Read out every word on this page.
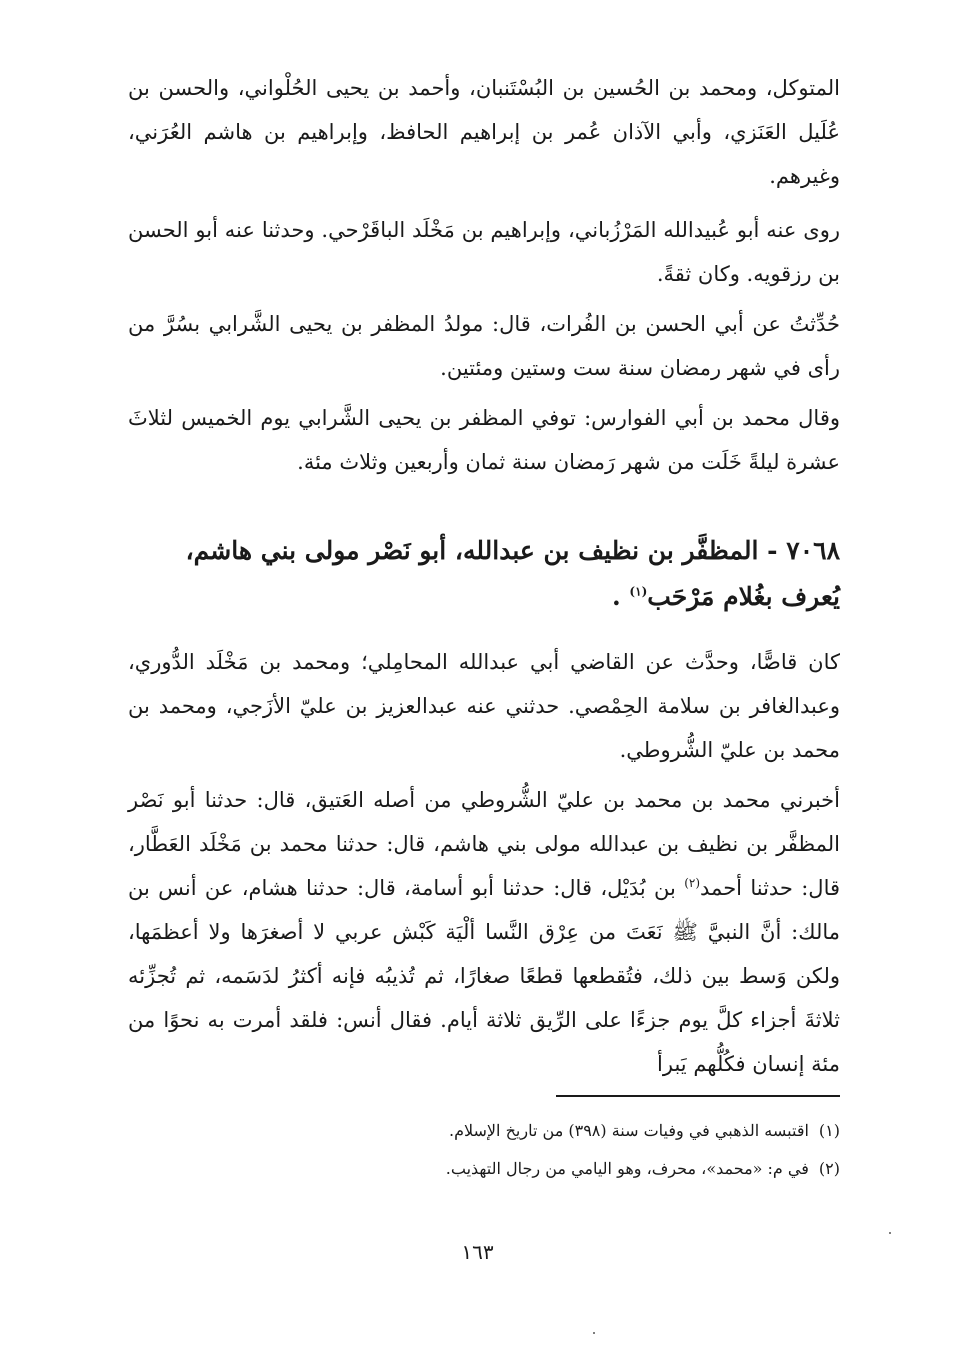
المتوكل، ومحمد بن الحُسين بن البُسْتَنبان، وأحمد بن يحيى الحُلْواني، والحسن بن عُلَيل العَنَزي، وأبي الآذان عُمر بن إبراهيم الحافظ، وإبراهيم بن هاشم العُرَني، وغيرهم.

روى عنه أبو عُبيدالله المَرْزُباني، وإبراهيم بن مَخْلَد الباقَرْحي. وحدثنا عنه أبو الحسن بن رزقويه. وكان ثقةً.

حُدِّثتُ عن أبي الحسن بن الفُرات، قال: مولدُ المظفر بن يحيى الشَّرابي بسُرَّ من رأى في شهر رمضان سنة ست وستين ومئتين.

وقال محمد بن أبي الفوارس: توفي المظفر بن يحيى الشَّرابي يوم الخميس لثلاثَ عشرة ليلةً خَلَت من شهر رَمضان سنة ثمان وأربعين وثلاث مئة.

٧٠٦٨ - المظفَّر بن نظيف بن عبدالله، أبو نَصْر مولى بني هاشم،
يُعرف بغُلام مَرْحَب$^{(١)}$ .

كان قاصًّا، وحدَّث عن القاضي أبي عبدالله المحامِلي؛ ومحمد بن مَخْلَد الدُّوري، وعبدالغافر بن سلامة الحِمْصي. حدثني عنه عبدالعزيز بن عليّ الأزَجي، ومحمد بن محمد بن عليّ الشُّروطي.

أخبرني محمد بن محمد بن عليّ الشُّروطي من أصله العَتيق، قال: حدثنا أبو نَصْر المظفَّر بن نظيف بن عبدالله مولى بني هاشم، قال: حدثنا محمد بن مَخْلَد العَطَّار، قال: حدثنا أحمد$^{(٢)}$ بن بُدَيْل، قال: حدثنا أبو أسامة، قال: حدثنا هشام، عن أنس بن مالك: أنَّ النبيَّ ﷺ نَعَتَ من عِرْق النَّسا ألْيَة كَبْش عربي لا أصغرَها ولا أعظمَها، ولكن وَسط بين ذلك، فتُقطعها قطعًا صغارًا، ثم تُذيبُه فإنه أكثرُ لدَسَمه، ثم تُجزِّئه ثلاثةَ أجزاء كلَّ يوم جزءًا على الرِّيق ثلاثة أيام. فقال أنس: فلقد أمرت به نحوًا من مئة إنسان فكُلُّهم يَبرأ

(١)اقتبسه الذهبي في وفيات سنة (٣٩٨) من تاريخ الإسلام.
(٢)في م: «محمد»، محرف، وهو اليامي من رجال التهذيب.
١٦٣
